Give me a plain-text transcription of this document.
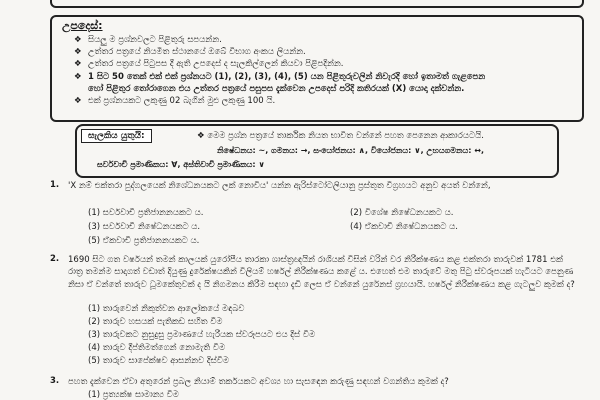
උපදෙස්:
❖ සියලු ම ප්‍රශ්නවලට පිළිතුරු සපයන්න.
❖ උත්තර පත්‍රයේ නියමිත ස්ථානයේ ඔබේ විභාග අංකය ලියන්න.
❖ උත්තර පත්‍රයේ පිටුපස දී ඇති උපදෙස් ද සැලකිල්ලෙන් කියවා පිළිපදින්න.
❖ 1 සිට 50 තෙක් එක් එක් ප්‍රශ්නයට (1), (2), (3), (4), (5) යන පිළිතුරුවලින් නිවැරදි හෝ ඉතාමත් ගැළපෙන
හෝ පිළිතුර තෝරාගෙන එය උත්තර පත්‍රයේ පසුපස දැක්වෙන උපදෙස් පරිදි කතිරයක් (X) යොදා දක්වන්න.
❖ එක් ප්‍රශ්නයකට ලකුණු 02 බැගින් මුළු ලකුණු 100 යි.
සැලකිය යුතුයි:	❖ මෙම ප්‍රශ්න පත්‍රයේ තාර්කික නියත භාවිත වන්නේ පහත පෙනෙන ආකාරයටයි.
නිෂේධනය: ~, ගමනය: →, සංයෝජනය: ∧, වියෝජනය: ∨, උභයගමනය: ↔,
සර්වවාචී ප්‍රමාණිකය: ∀, අස්තිවාචී ප්‍රමාණිකය: ∨
1. 'X නම් එක්තරා පුද්ගලයෙක් නිශේධනයකට ලක් නොවිය' යන්න ඇරිස්ටෝටලියානු ප්‍රස්තුත විග්‍රහයට අනුව අයත් වන්නේ,
(1) සර්වවාචී ප්‍රතිජානනයකට ය.	(2) විශේෂ නිෂේධනයකට ය.
(3) සර්වවාචී නිෂේධනයකට ය.	(4) ඒකවාචී නිෂේධනයකට ය.
(5) ඒකවාචී ප්‍රතිජානනයකට ය.
2. 1690 සිට ගත වර්ෂයන් තමන් කාලයක් යුරෝපීය තාරකා ශාස්ත්‍රඥයින් රාශියක් විසින් වරින් වර නිරීක්ෂණය කළ එක්තරා තාරුවක් 1781 එක් රාත්‍ර තමන්ම සාදාගත් වඩාත් දියුණු දුරේක්ෂයකින් විලියම් හර්ෂල් නිරීක්ෂණය කළේ ය. එහෙත් එම තාරුවේ මතු පිටු ස්වරූපයක් හැටියට පෙනුණ නිසා ඒ වන්තේ තාරුව ධූමකේතුවක් ද යි නිගමනය කිරීම සඳහා දැඩි ලෙස ඒ වන්නේ යුරේනස් ග්‍රහයායි. හර්ෂල් නිරීක්ෂණය කළ ගැටලුව කුමක් ද?
(1) තාරුවෙන් නිකුත්වන ආලෝකයේ මඳබව
(2) තාරුව හසයක් පැතිකඩ සහිත වීම
(3) තාරුවකට නුසුදුසු ප්‍රමාණයේ හැරීයක ස්වරූපයට එය දිස් වීම
(4) තාරුව දීප්තිමත්ගෙන් නොමැති වීම
(5) තාරුව සාපේක්ෂව ආසන්නව දිස්වීම
3. පහත දැක්වෙන ඒවා අතුරෙන් ප්‍රබල නියාම් තර්කයකට අවශ්‍ය හා සැසඳෙන කරුණු සඳහන් වගන්තිය කුමක් ද?
(1) ප්‍රත්‍යක්ෂ සාමාන්‍ය වීම
